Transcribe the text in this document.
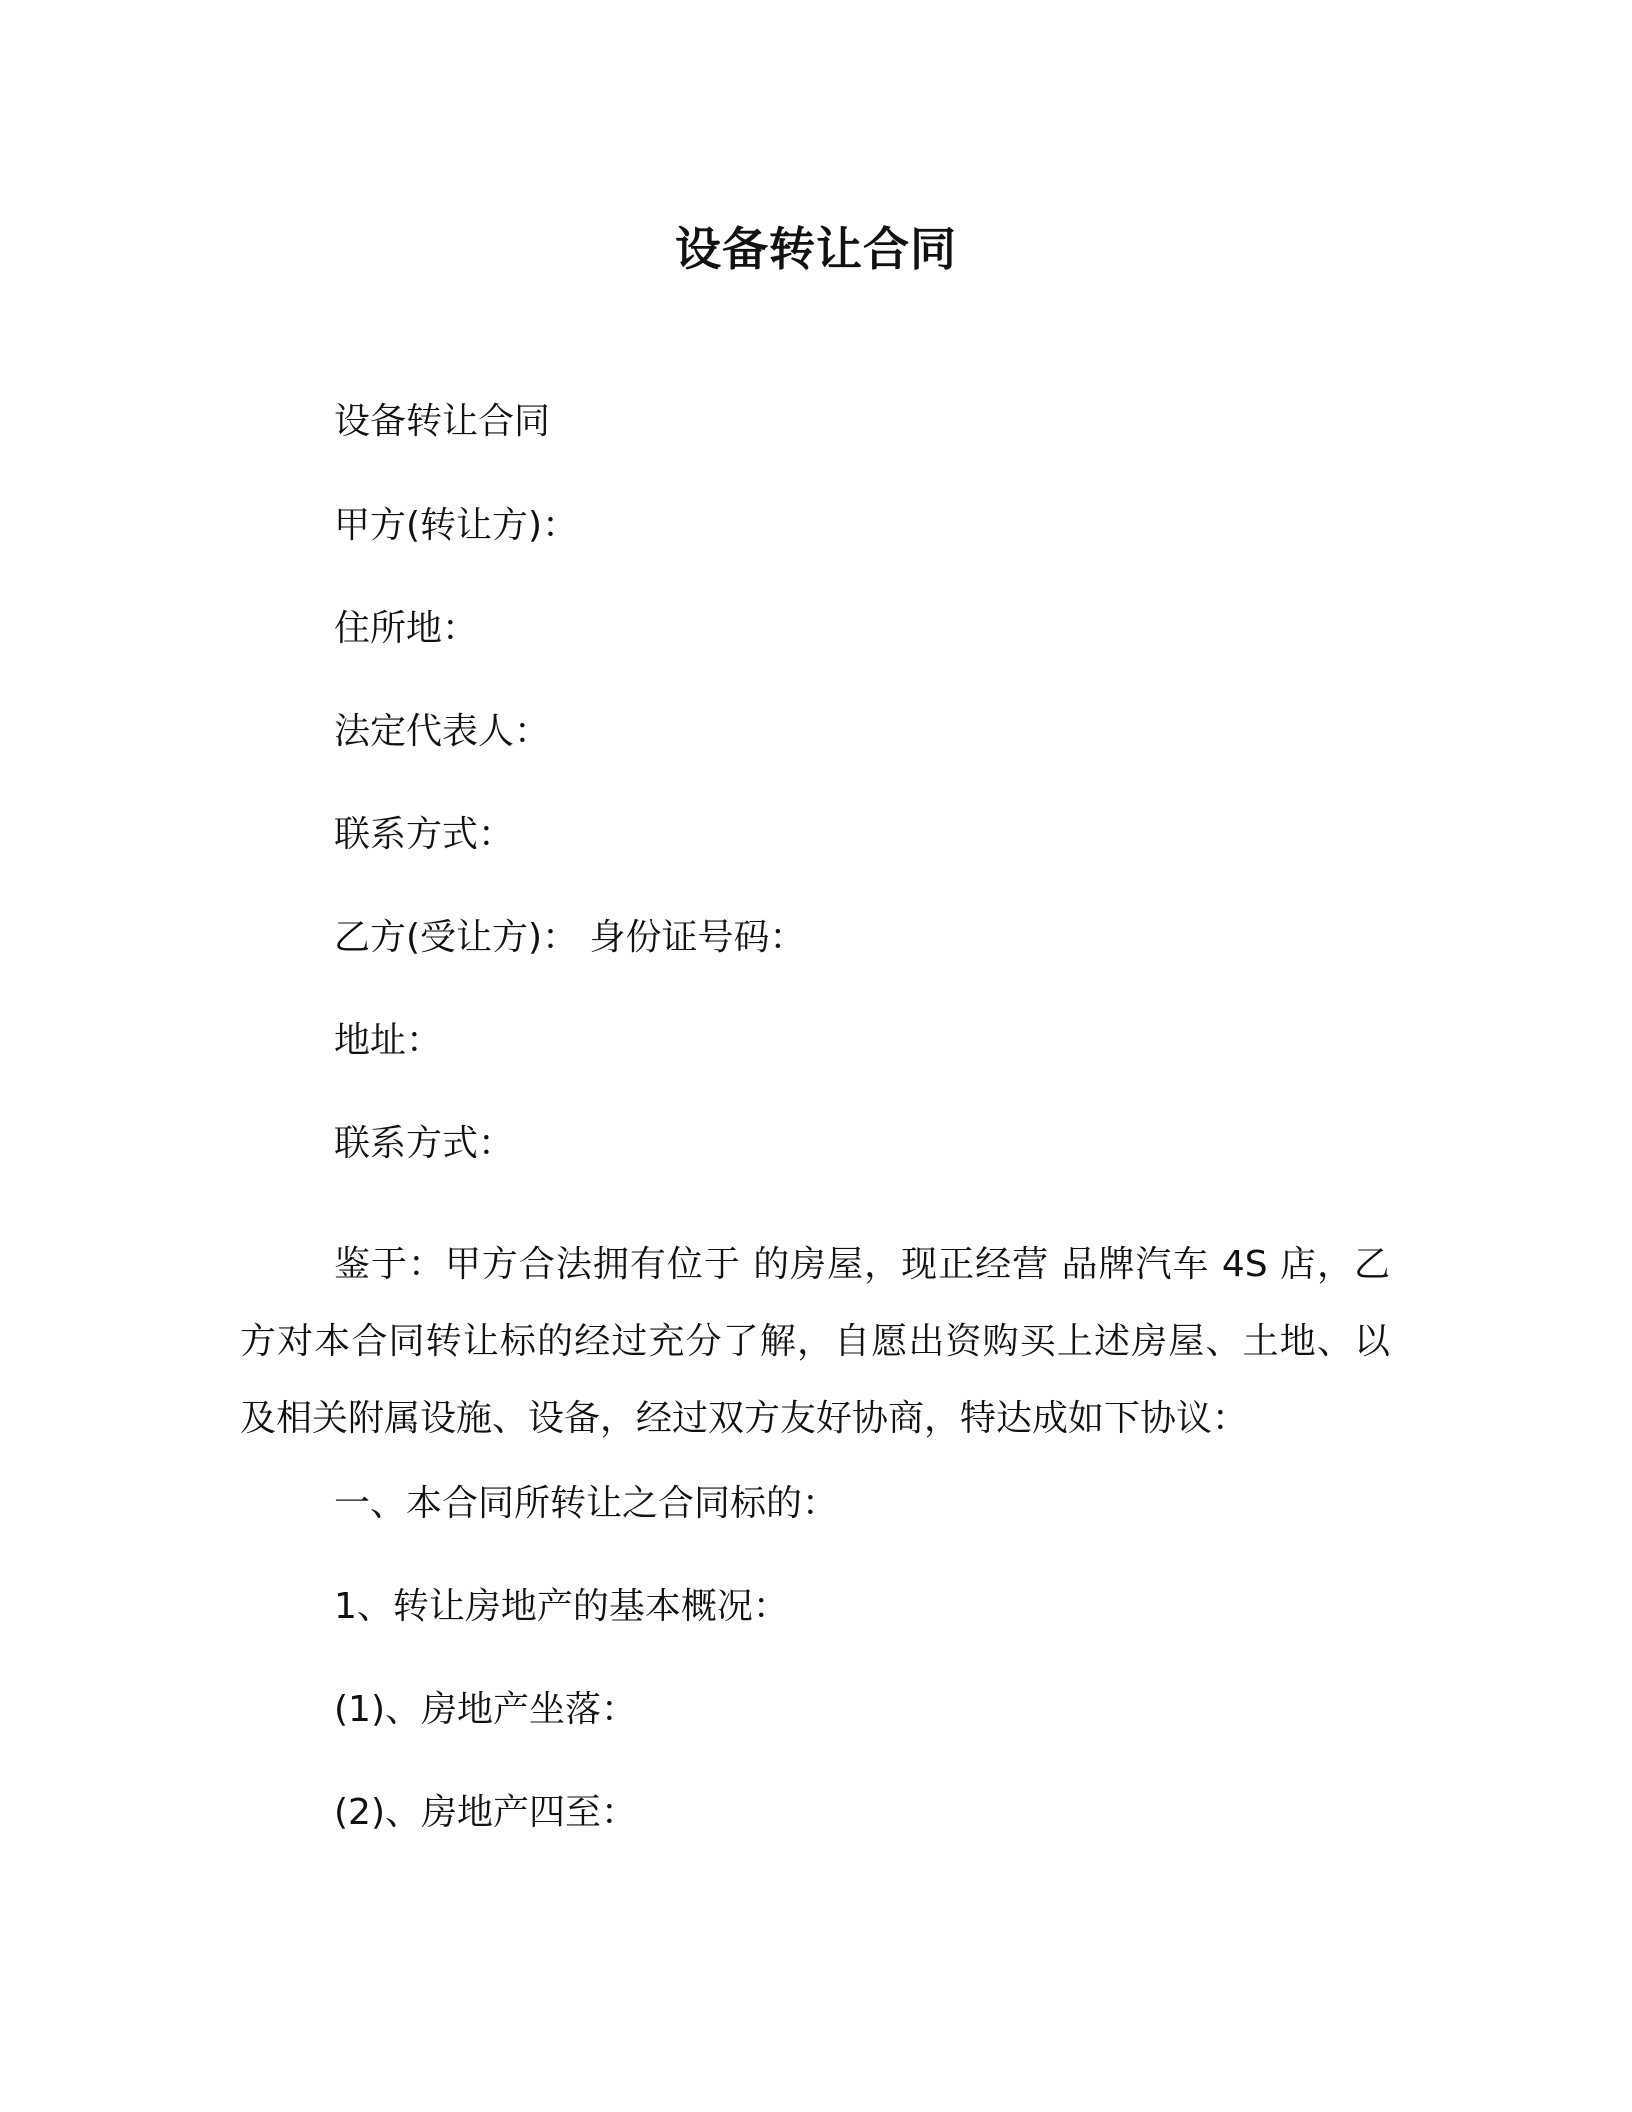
设备转让合同
设备转让合同
甲方(转让方)：
住所地：
法定代表人：
联系方式：
乙方(受让方)： 身份证号码：
地址：
联系方式：
鉴于：甲方合法拥有位于 的房屋，现正经营 品牌汽车 4S 店，乙方对本合同转让标的经过充分了解，自愿出资购买上述房屋、土地、以及相关附属设施、设备，经过双方友好协商，特达成如下协议：
一、本合同所转让之合同标的：
1、转让房地产的基本概况：
(1)、房地产坐落：
(2)、房地产四至：
